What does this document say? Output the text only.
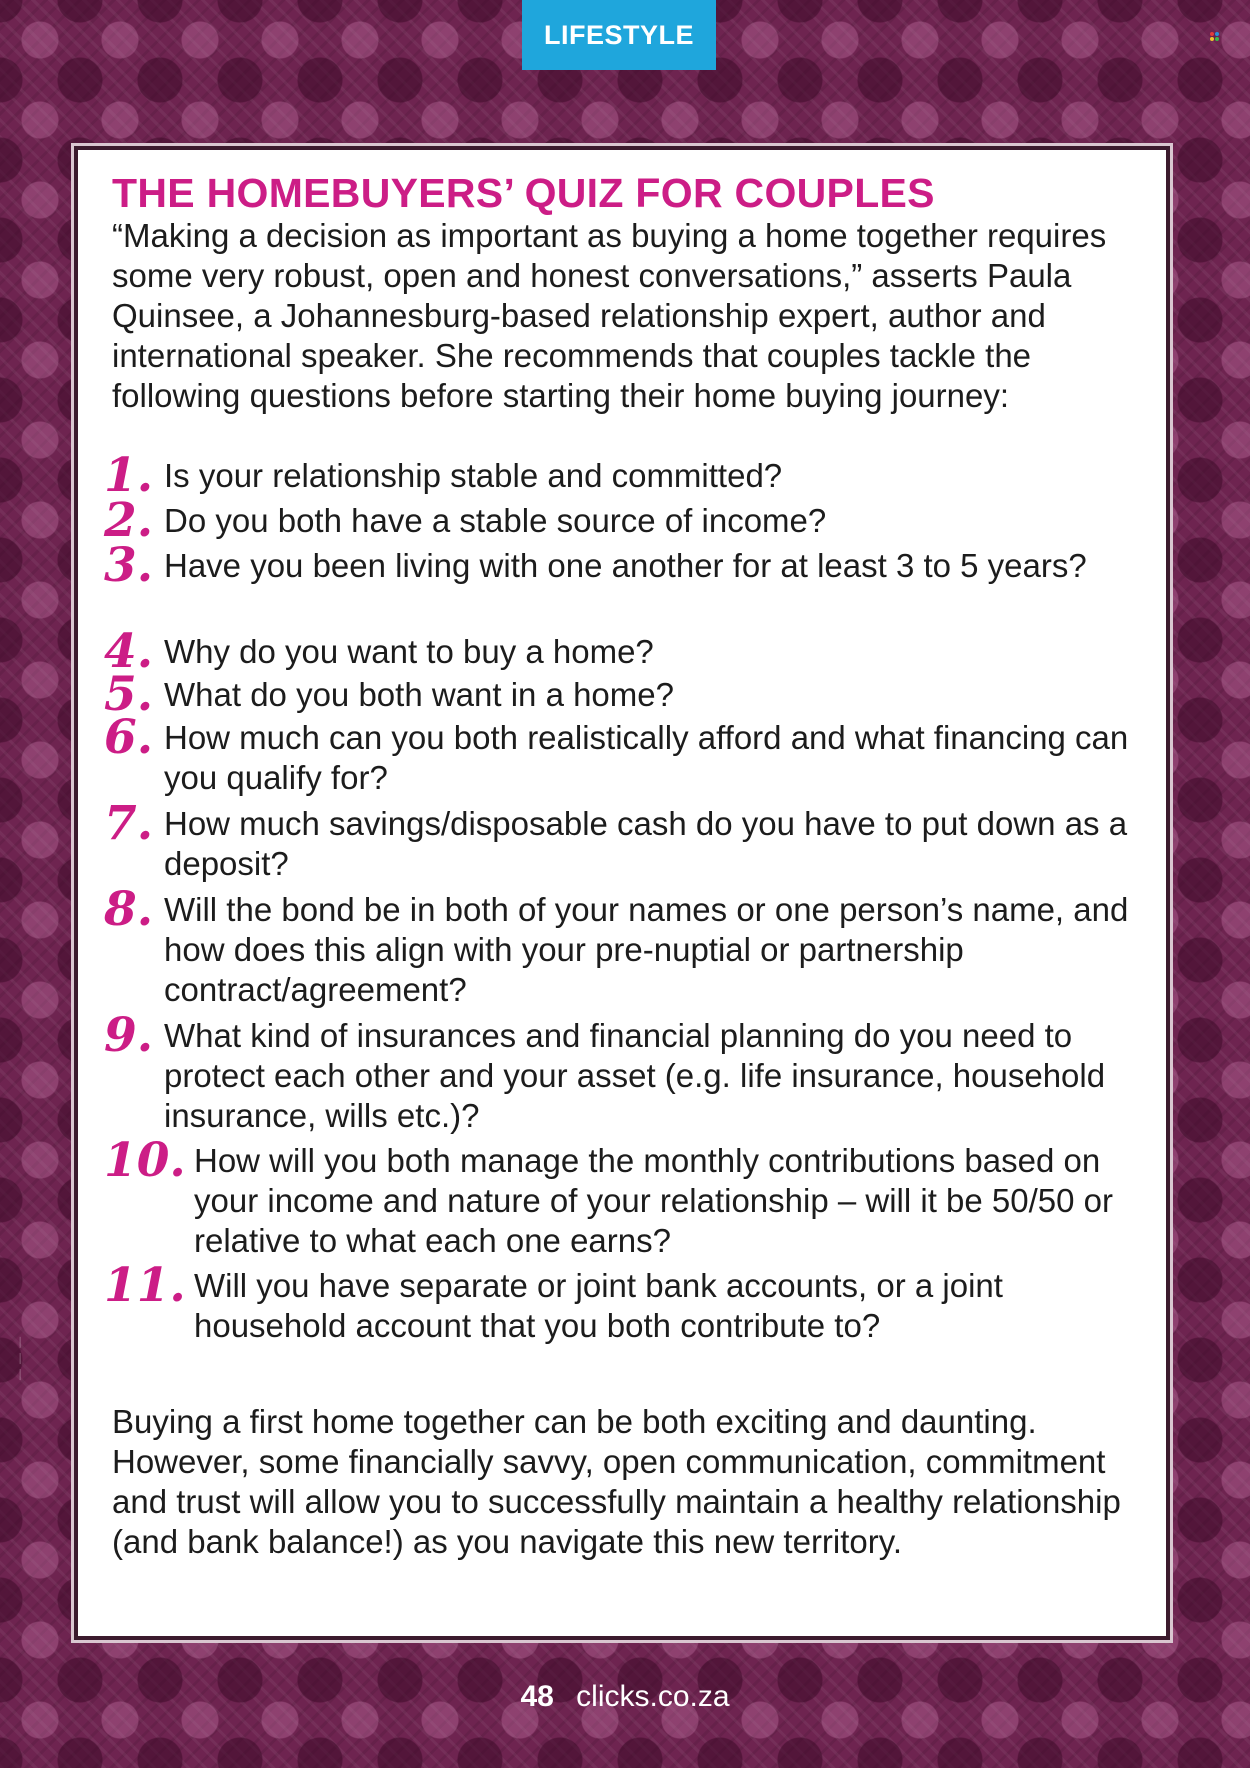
LIFESTYLE
— — —
THE HOMEBUYERS’ QUIZ FOR COUPLES

“Making a decision as important as buying a home together requires some very robust, open and honest conversations,” asserts Paula Quinsee, a Johannesburg-based relationship expert, author and international speaker. She recommends that couples tackle the following questions before starting their home buying journey:

1. Is your relationship stable and committed?
2. Do you both have a stable source of income?
3. Have you been living with one another for at least 3 to 5 years?
4. Why do you want to buy a home?
5. What do you both want in a home?
6. How much can you both realistically afford and what financing can you qualify for?
7. How much savings/disposable cash do you have to put down as a deposit?
8. Will the bond be in both of your names or one person’s name, and how does this align with your pre-nuptial or partnership contract/agreement?
9. What kind of insurances and financial planning do you need to protect each other and your asset (e.g. life insurance, household insurance, wills etc.)?
10. How will you both manage the monthly contributions based on your income and nature of your relationship – will it be 50/50 or relative to what each one earns?
11. Will you have separate or joint bank accounts, or a joint household account that you both contribute to?

Buying a first home together can be both exciting and daunting. However, some financially savvy, open communication, commitment and trust will allow you to successfully maintain a healthy relationship (and bank balance!) as you navigate this new territory.

48 clicks.co.za
